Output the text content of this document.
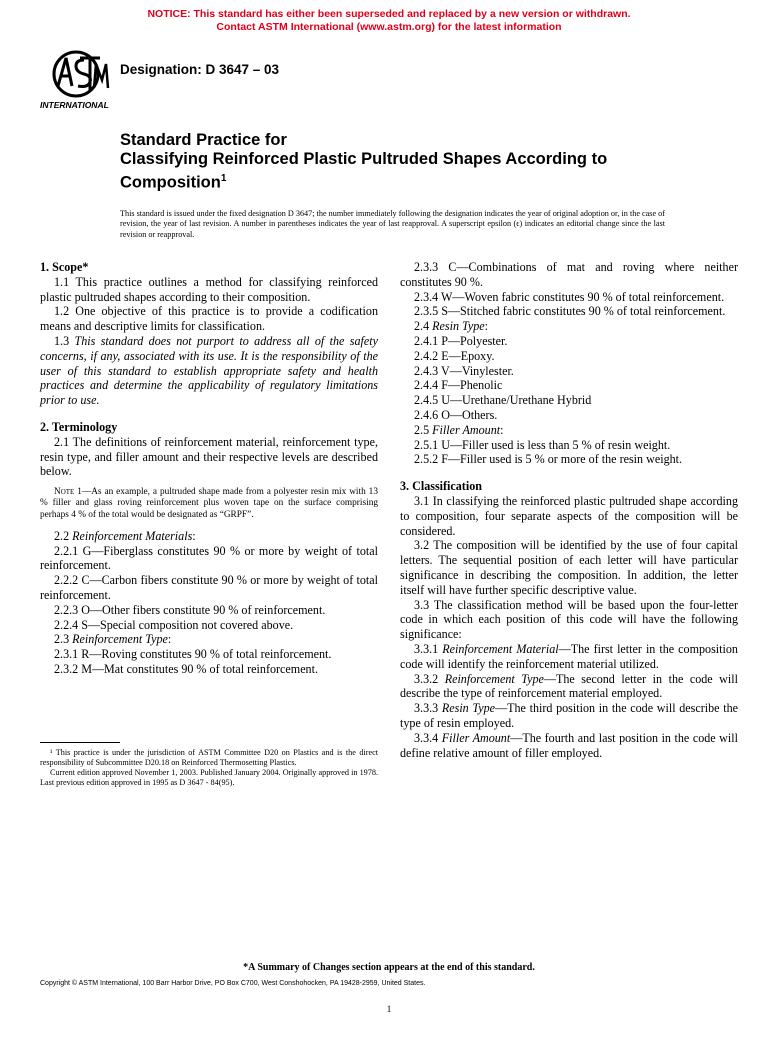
NOTICE: This standard has either been superseded and replaced by a new version or withdrawn.
Contact ASTM International (www.astm.org) for the latest information
INTERNATIONAL
Designation: D 3647 – 03
Standard Practice for
Classifying Reinforced Plastic Pultruded Shapes According to Composition$^1$
This standard is issued under the fixed designation D 3647; the number immediately following the designation indicates the year of original adoption or, in the case of revision, the year of last revision. A number in parentheses indicates the year of last reapproval. A superscript epsilon (ϵ) indicates an editorial change since the last revision or reapproval.

1. Scope*

1.1 This practice outlines a method for classifying reinforced plastic pultruded shapes according to their composition.

1.2 One objective of this practice is to provide a codification means and descriptive limits for classification.

1.3 This standard does not purport to address all of the safety concerns, if any, associated with its use. It is the responsibility of the user of this standard to establish appropriate safety and health practices and determine the applicability of regulatory limitations prior to use.

2. Terminology

2.1 The definitions of reinforcement material, reinforcement type, resin type, and filler amount and their respective levels are described below.

Note 1—As an example, a pultruded shape made from a polyester resin mix with 13 % filler and glass roving reinforcement plus woven tape on the surface comprising perhaps 4 % of the total would be designated as “GRPF”.

2.2 Reinforcement Materials:

2.2.1 G—Fiberglass constitutes 90 % or more by weight of total reinforcement.

2.2.2 C—Carbon fibers constitute 90 % or more by weight of total reinforcement.

2.2.3 O—Other fibers constitute 90 % of reinforcement.

2.2.4 S—Special composition not covered above.

2.3 Reinforcement Type:

2.3.1 R—Roving constitutes 90 % of total reinforcement.

2.3.2 M—Mat constitutes 90 % of total reinforcement.

¹ This practice is under the jurisdiction of ASTM Committee D20 on Plastics and is the direct responsibility of Subcommittee D20.18 on Reinforced Thermosetting Plastics.

Current edition approved November 1, 2003. Published January 2004. Originally approved in 1978. Last previous edition approved in 1995 as D 3647 - 84(95).

2.3.3 C—Combinations of mat and roving where neither constitutes 90 %.

2.3.4 W—Woven fabric constitutes 90 % of total reinforcement.

2.3.5 S—Stitched fabric constitutes 90 % of total reinforcement.

2.4 Resin Type:

2.4.1 P—Polyester.

2.4.2 E—Epoxy.

2.4.3 V—Vinylester.

2.4.4 F—Phenolic

2.4.5 U—Urethane/Urethane Hybrid

2.4.6 O—Others.

2.5 Filler Amount:

2.5.1 U—Filler used is less than 5 % of resin weight.

2.5.2 F—Filler used is 5 % or more of the resin weight.

3. Classification

3.1 In classifying the reinforced plastic pultruded shape according to composition, four separate aspects of the composition will be considered.

3.2 The composition will be identified by the use of four capital letters. The sequential position of each letter will have particular significance in describing the composition. In addition, the letter itself will have further specific descriptive value.

3.3 The classification method will be based upon the four-letter code in which each position of this code will have the following significance:

3.3.1 Reinforcement Material—The first letter in the composition code will identify the reinforcement material utilized.

3.3.2 Reinforcement Type—The second letter in the code will describe the type of reinforcement material employed.

3.3.3 Resin Type—The third position in the code will describe the type of resin employed.

3.3.4 Filler Amount—The fourth and last position in the code will define relative amount of filler employed.

*A Summary of Changes section appears at the end of this standard.
Copyright © ASTM International, 100 Barr Harbor Drive, PO Box C700, West Conshohocken, PA 19428-2959, United States.
1
